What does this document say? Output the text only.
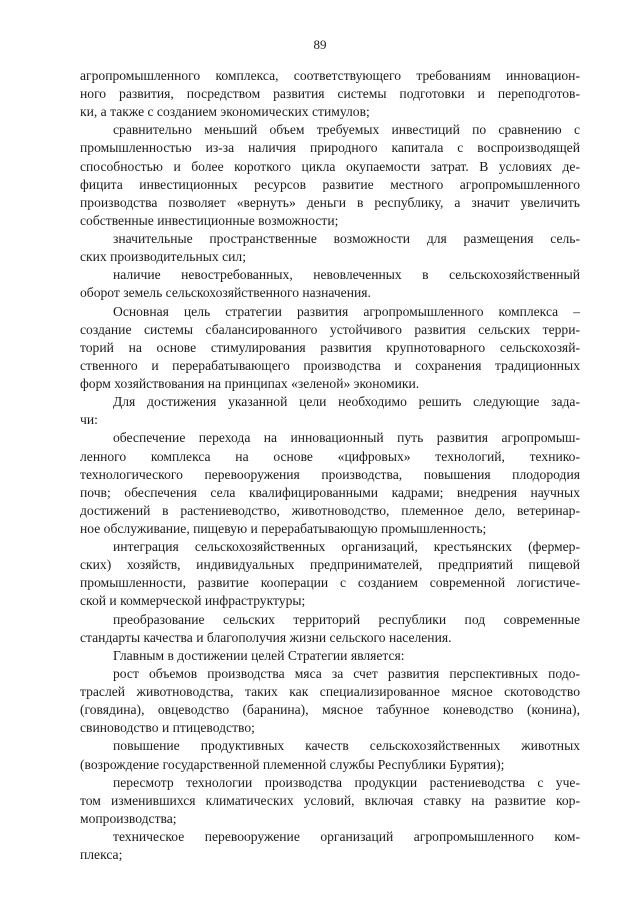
89
агропромышленного комплекса, соответствующего требованиям инновацион-
ного развития, посредством развития системы подготовки и переподготов-
ки, а также с созданием экономических стимулов;
сравнительно меньший объем требуемых инвестиций по сравнению с
промышленностью из-за наличия природного капитала с воспроизводящей
способностью и более короткого цикла окупаемости затрат. В условиях де-
фицита инвестиционных ресурсов развитие местного агропромышленного
производства позволяет «вернуть» деньги в республику, а значит увеличить
собственные инвестиционные возможности;
значительные пространственные возможности для размещения сель-
ских производительных сил;
наличие невостребованных, невовлеченных в сельскохозяйственный
оборот земель сельскохозяйственного назначения.
Основная цель стратегии развития агропромышленного комплекса –
создание системы сбалансированного устойчивого развития сельских терри-
торий на основе стимулирования развития крупнотоварного сельскохозяй-
ственного и перерабатывающего производства и сохранения традиционных
форм хозяйствования на принципах «зеленой» экономики.
Для достижения указанной цели необходимо решить следующие зада-
чи:
обеспечение перехода на инновационный путь развития агропромыш-
ленного комплекса на основе «цифровых» технологий, технико-
технологического перевооружения производства, повышения плодородия
почв; обеспечения села квалифицированными кадрами; внедрения научных
достижений в растениеводство, животноводство, племенное дело, ветеринар-
ное обслуживание, пищевую и перерабатывающую промышленность;
интеграция сельскохозяйственных организаций, крестьянских (фермер-
ских) хозяйств, индивидуальных предпринимателей, предприятий пищевой
промышленности, развитие кооперации с созданием современной логистиче-
ской и коммерческой инфраструктуры;
преобразование сельских территорий республики под современные
стандарты качества и благополучия жизни сельского населения.
Главным в достижении целей Стратегии является:
рост объемов производства мяса за счет развития перспективных подо-
траслей животноводства, таких как специализированное мясное скотоводство
(говядина), овцеводство (баранина), мясное табунное коневодство (конина),
свиноводство и птицеводство;
повышение продуктивных качеств сельскохозяйственных животных
(возрождение государственной племенной службы Республики Бурятия);
пересмотр технологии производства продукции растениеводства с уче-
том изменившихся климатических условий, включая ставку на развитие кор-
мопроизводства;
техническое перевооружение организаций агропромышленного ком-
плекса;
